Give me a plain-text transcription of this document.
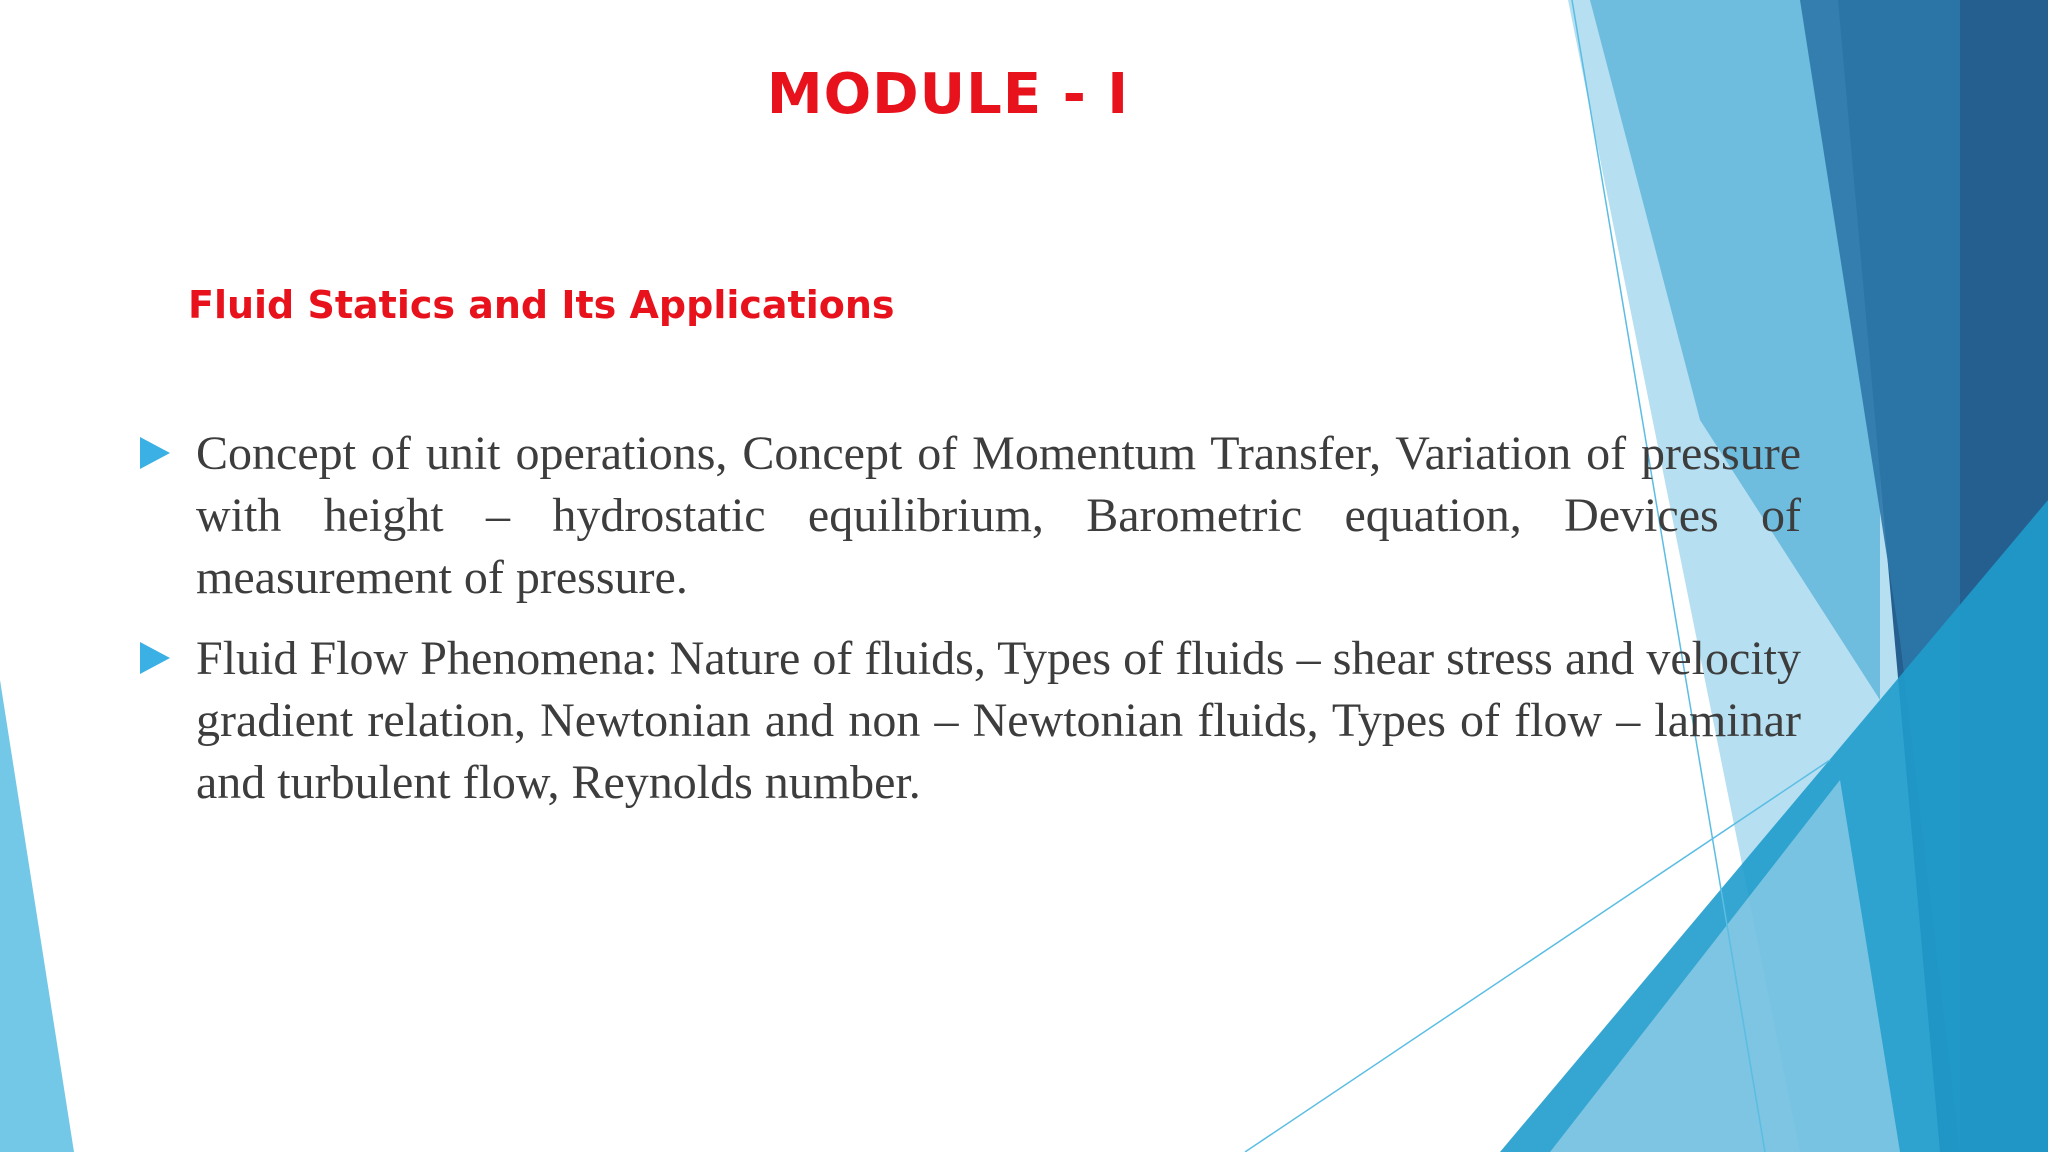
MODULE - I
Fluid Statics and Its Applications
Concept of unit operations, Concept of Momentum Transfer, Variation of pressure with height – hydrostatic equilibrium, Barometric equation, Devices of measurement of pressure.
Fluid Flow Phenomena: Nature of fluids, Types of fluids – shear stress and velocity gradient relation, Newtonian and non – Newtonian fluids, Types of flow – laminar and turbulent flow, Reynolds number.
